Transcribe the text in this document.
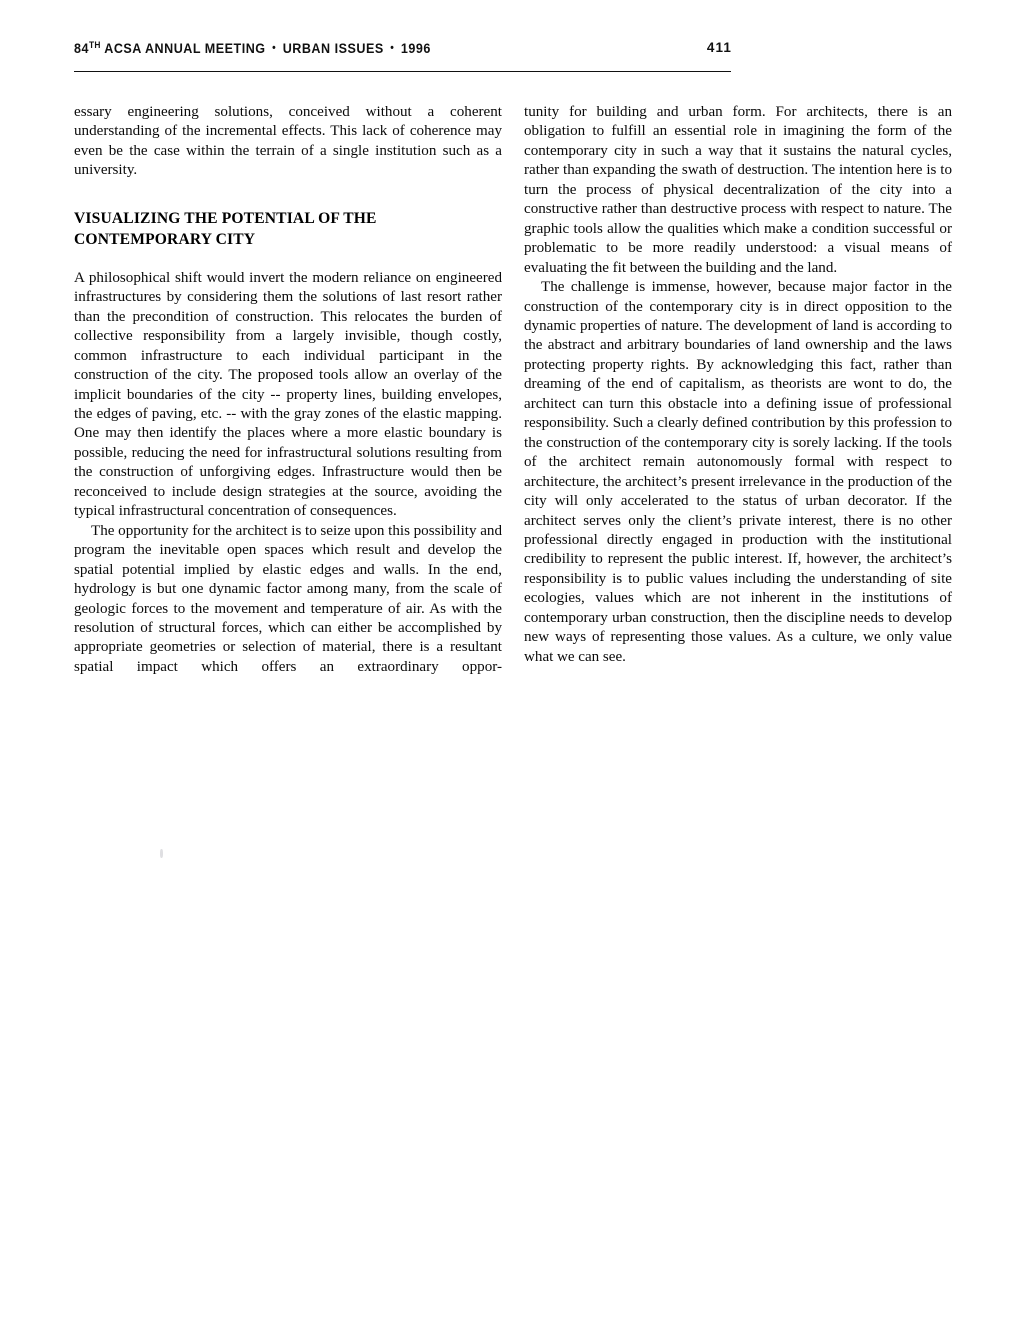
84TH ACSA ANNUAL MEETING • URBAN ISSUES • 1996	411

essary engineering solutions, conceived without a coherent understanding of the incremental effects. This lack of coherence may even be the case within the terrain of a single institution such as a university.

VISUALIZING THE POTENTIAL OF THE CONTEMPORARY CITY

A philosophical shift would invert the modern reliance on engineered infrastructures by considering them the solutions of last resort rather than the precondition of construction. This relocates the burden of collective responsibility from a largely invisible, though costly, common infrastructure to each individual participant in the construction of the city. The proposed tools allow an overlay of the implicit boundaries of the city -- property lines, building envelopes, the edges of paving, etc. -- with the gray zones of the elastic mapping. One may then identify the places where a more elastic boundary is possible, reducing the need for infrastructural solutions resulting from the construction of unforgiving edges. Infrastructure would then be reconceived to include design strategies at the source, avoiding the typical infrastructural concentration of consequences.

The opportunity for the architect is to seize upon this possibility and program the inevitable open spaces which result and develop the spatial potential implied by elastic edges and walls. In the end, hydrology is but one dynamic factor among many, from the scale of geologic forces to the movement and temperature of air. As with the resolution of structural forces, which can either be accomplished by appropriate geometries or selection of material, there is a resultant spatial impact which offers an extraordinary oppor-

tunity for building and urban form. For architects, there is an obligation to fulfill an essential role in imagining the form of the contemporary city in such a way that it sustains the natural cycles, rather than expanding the swath of destruction. The intention here is to turn the process of physical decentralization of the city into a constructive rather than destructive process with respect to nature. The graphic tools allow the qualities which make a condition successful or problematic to be more readily understood: a visual means of evaluating the fit between the building and the land.

The challenge is immense, however, because major factor in the construction of the contemporary city is in direct opposition to the dynamic properties of nature. The development of land is according to the abstract and arbitrary boundaries of land ownership and the laws protecting property rights. By acknowledging this fact, rather than dreaming of the end of capitalism, as theorists are wont to do, the architect can turn this obstacle into a defining issue of professional responsibility. Such a clearly defined contribution by this profession to the construction of the contemporary city is sorely lacking. If the tools of the architect remain autonomously formal with respect to architecture, the architect’s present irrelevance in the production of the city will only accelerated to the status of urban decorator. If the architect serves only the client’s private interest, there is no other professional directly engaged in production with the institutional credibility to represent the public interest. If, however, the architect’s responsibility is to public values including the understanding of site ecologies, values which are not inherent in the institutions of contemporary urban construction, then the discipline needs to develop new ways of representing those values. As a culture, we only value what we can see.
